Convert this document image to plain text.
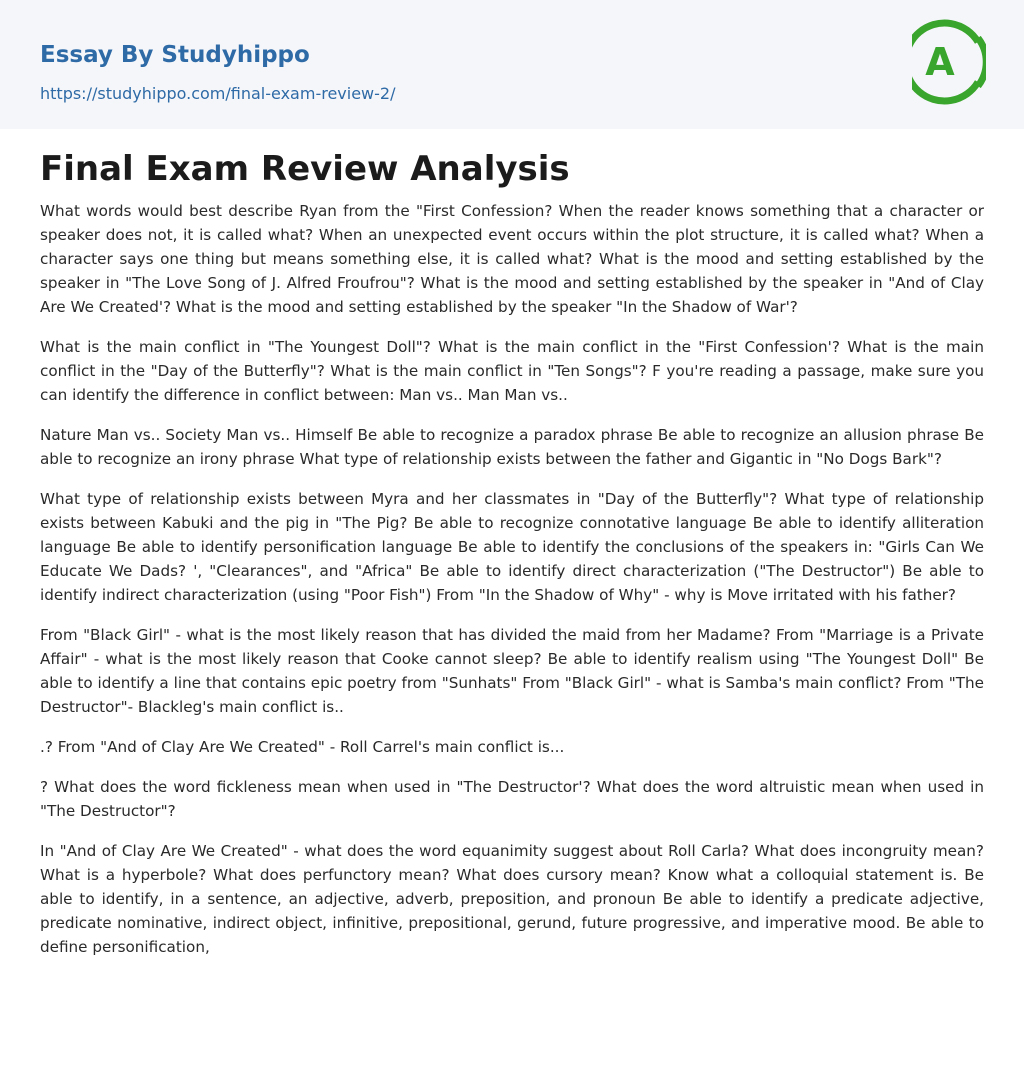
Essay By Studyhippo
https://studyhippo.com/final-exam-review-2/
A
Final Exam Review Analysis

What words would best describe Ryan from the "First Confession? When the reader knows something that a character or speaker does not, it is called what? When an unexpected event occurs within the plot structure, it is called what? When a character says one thing but means something else, it is called what? What is the mood and setting established by the speaker in "The Love Song of J. Alfred Froufrou"? What is the mood and setting established by the speaker in "And of Clay Are We Created'? What is the mood and setting established by the speaker "In the Shadow of War'?

What is the main conflict in "The Youngest Doll"? What is the main conflict in the "First Confession'? What is the main conflict in the "Day of the Butterfly"? What is the main conflict in "Ten Songs"? F you're reading a passage, make sure you can identify the difference in conflict between: Man vs.. Man Man vs..

Nature Man vs.. Society Man vs.. Himself Be able to recognize a paradox phrase Be able to recognize an allusion phrase Be able to recognize an irony phrase What type of relationship exists between the father and Gigantic in "No Dogs Bark"?

What type of relationship exists between Myra and her classmates in "Day of the Butterfly"? What type of relationship exists between Kabuki and the pig in "The Pig? Be able to recognize connotative language Be able to identify alliteration language Be able to identify personification language Be able to identify the conclusions of the speakers in: "Girls Can We Educate We Dads? ', "Clearances", and "Africa" Be able to identify direct characterization ("The Destructor") Be able to identify indirect characterization (using "Poor Fish") From "In the Shadow of Why" - why is Move irritated with his father?

From "Black Girl" - what is the most likely reason that has divided the maid from her Madame? From "Marriage is a Private Affair" - what is the most likely reason that Cooke cannot sleep? Be able to identify realism using "The Youngest Doll" Be able to identify a line that contains epic poetry from "Sunhats" From "Black Girl" - what is Samba's main conflict? From "The Destructor"- Blackleg's main conflict is..

.? From "And of Clay Are We Created" - Roll Carrel's main conflict is...

? What does the word fickleness mean when used in "The Destructor'? What does the word altruistic mean when used in "The Destructor"?

In "And of Clay Are We Created" - what does the word equanimity suggest about Roll Carla? What does incongruity mean? What is a hyperbole? What does perfunctory mean? What does cursory mean? Know what a colloquial statement is. Be able to identify, in a sentence, an adjective, adverb, preposition, and pronoun Be able to identify a predicate adjective, predicate nominative, indirect object, infinitive, prepositional, gerund, future progressive, and imperative mood. Be able to define personification,
